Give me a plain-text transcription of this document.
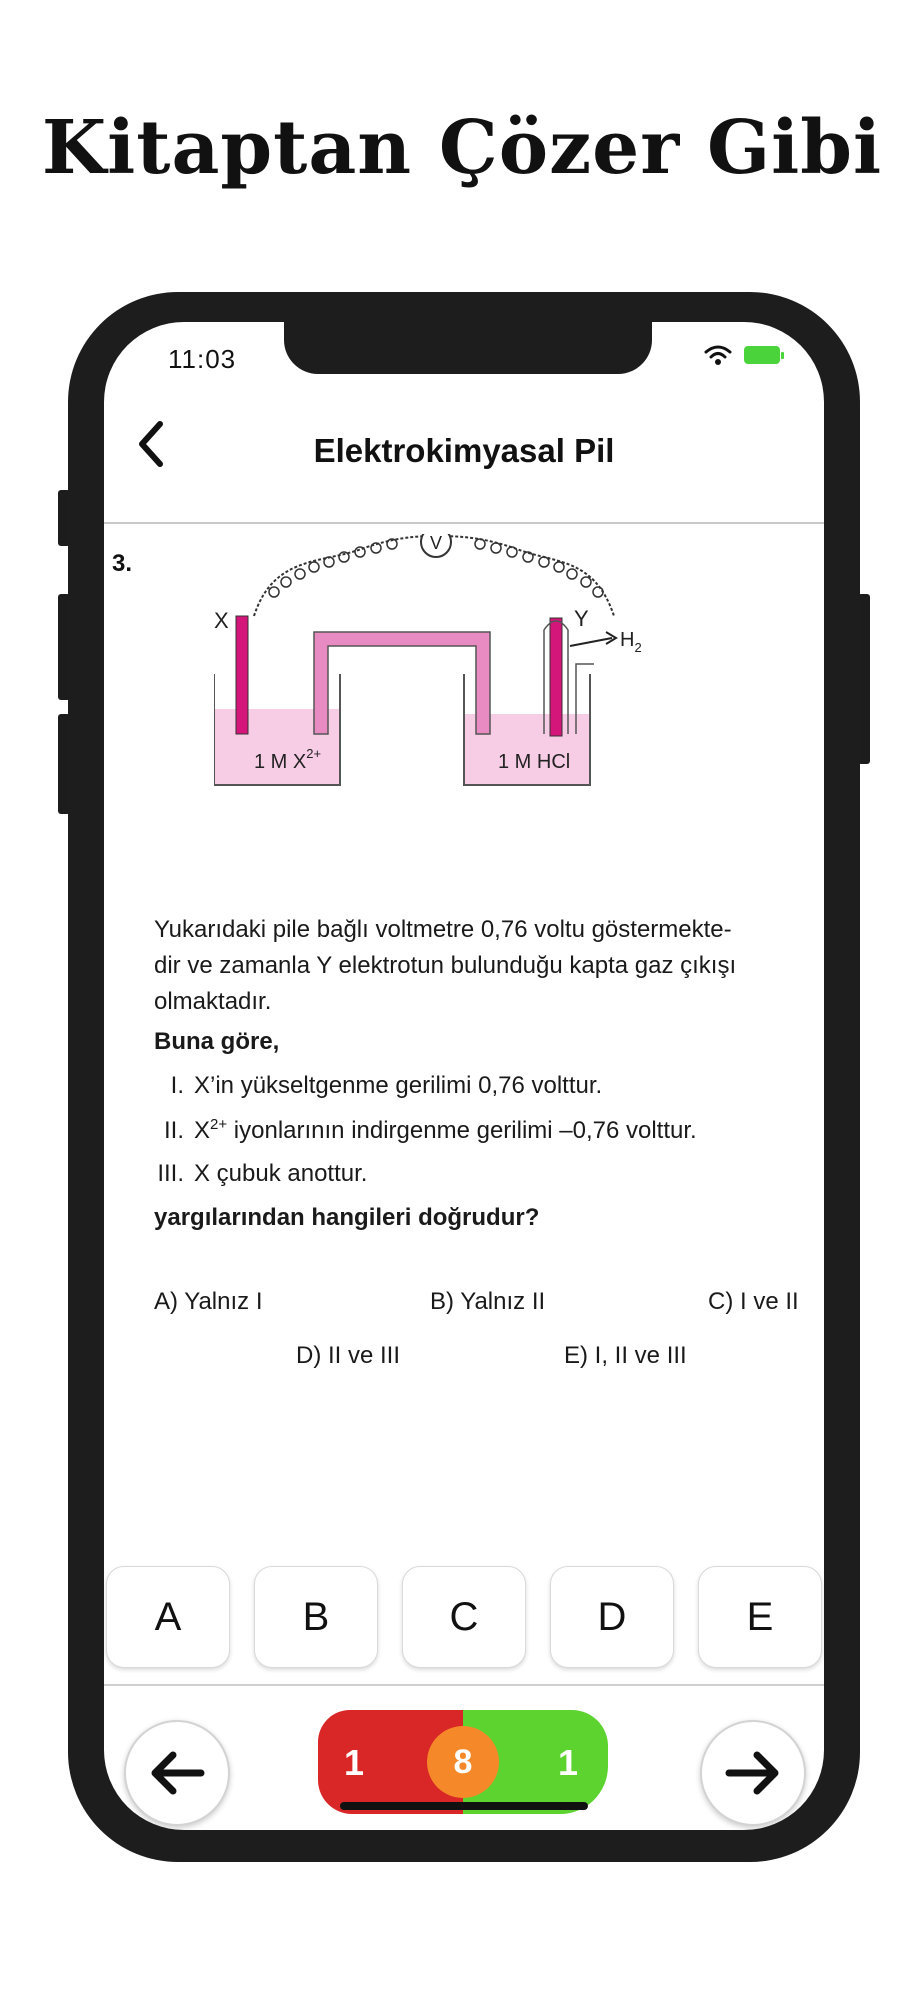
Kitaptan Çözer Gibi
11:03
Elektrokimyasal Pil
3.
V
X	Y
$H_2$
1 M $X^{2+}$	1 M HCl
Yukarıdaki pile bağlı voltmetre 0,76 voltu göstermekte-
dir ve zamanla Y elektrotun bulunduğu kapta gaz çıkışı
olmaktadır.
Buna göre,
I. X’in yükseltgenme gerilimi 0,76 volttur.
II. $X^{2+}$ iyonlarının indirgenme gerilimi –0,76 volttur.
III. X çubuk anottur.
yargılarından hangileri doğrudur?
A) Yalnız I	B) Yalnız II	C) I ve II
D) II ve III	E) I, II ve III
A	B	C	D	E
1	1
8
